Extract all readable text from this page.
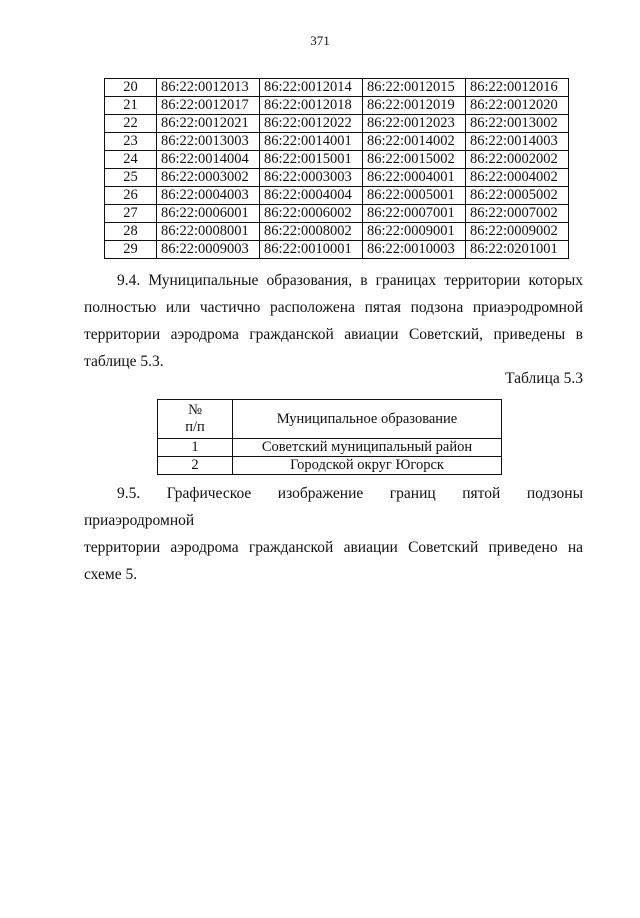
371
20	86:22:0012013	86:22:0012014	86:22:0012015	86:22:0012016
21	86:22:0012017	86:22:0012018	86:22:0012019	86:22:0012020
22	86:22:0012021	86:22:0012022	86:22:0012023	86:22:0013002
23	86:22:0013003	86:22:0014001	86:22:0014002	86:22:0014003
24	86:22:0014004	86:22:0015001	86:22:0015002	86:22:0002002
25	86:22:0003002	86:22:0003003	86:22:0004001	86:22:0004002
26	86:22:0004003	86:22:0004004	86:22:0005001	86:22:0005002
27	86:22:0006001	86:22:0006002	86:22:0007001	86:22:0007002
28	86:22:0008001	86:22:0008002	86:22:0009001	86:22:0009002
29	86:22:0009003	86:22:0010001	86:22:0010003	86:22:0201001

9.4. Муниципальные образования, в границах территории которых
полностью или частично расположена пятая подзона приаэродромной
территории аэродрома гражданской авиации Советский, приведены в
таблице 5.3.

Таблица 5.3
№
п/п	Муниципальное образование
1	Советский муниципальный район
2	Городской округ Югорск

9.5. Графическое изображение границ пятой подзоны приаэродромной
территории аэродрома гражданской авиации Советский приведено на схеме 5.
